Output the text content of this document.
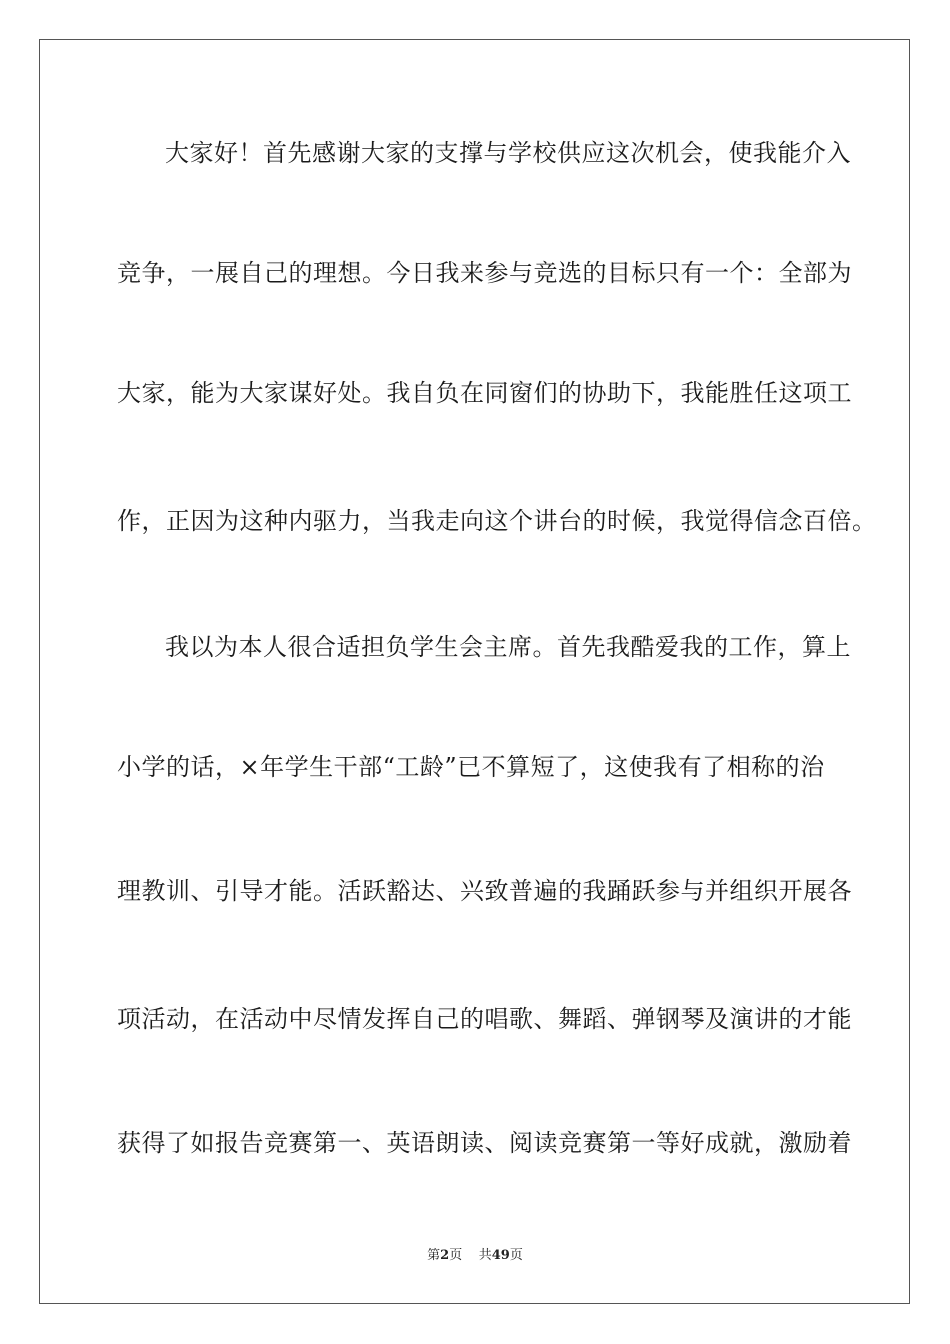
大家好！首先感谢大家的支撑与学校供应这次机会，使我能介入
竞争，一展自己的理想。今日我来参与竞选的目标只有一个：全部为
大家，能为大家谋好处。我自负在同窗们的协助下，我能胜任这项工
作，正因为这种内驱力，当我走向这个讲台的时候，我觉得信念百倍。
我以为本人很合适担负学生会主席。首先我酷爱我的工作，算上
小学的话，×年学生干部“工龄”已不算短了，这使我有了相称的治
理教训、引导才能。活跃豁达、兴致普遍的我踊跃参与并组织开展各
项活动，在活动中尽情发挥自己的唱歌、舞蹈、弹钢琴及演讲的才能
获得了如报告竞赛第一、英语朗读、阅读竞赛第一等好成就，激励着
第2页 共49页
